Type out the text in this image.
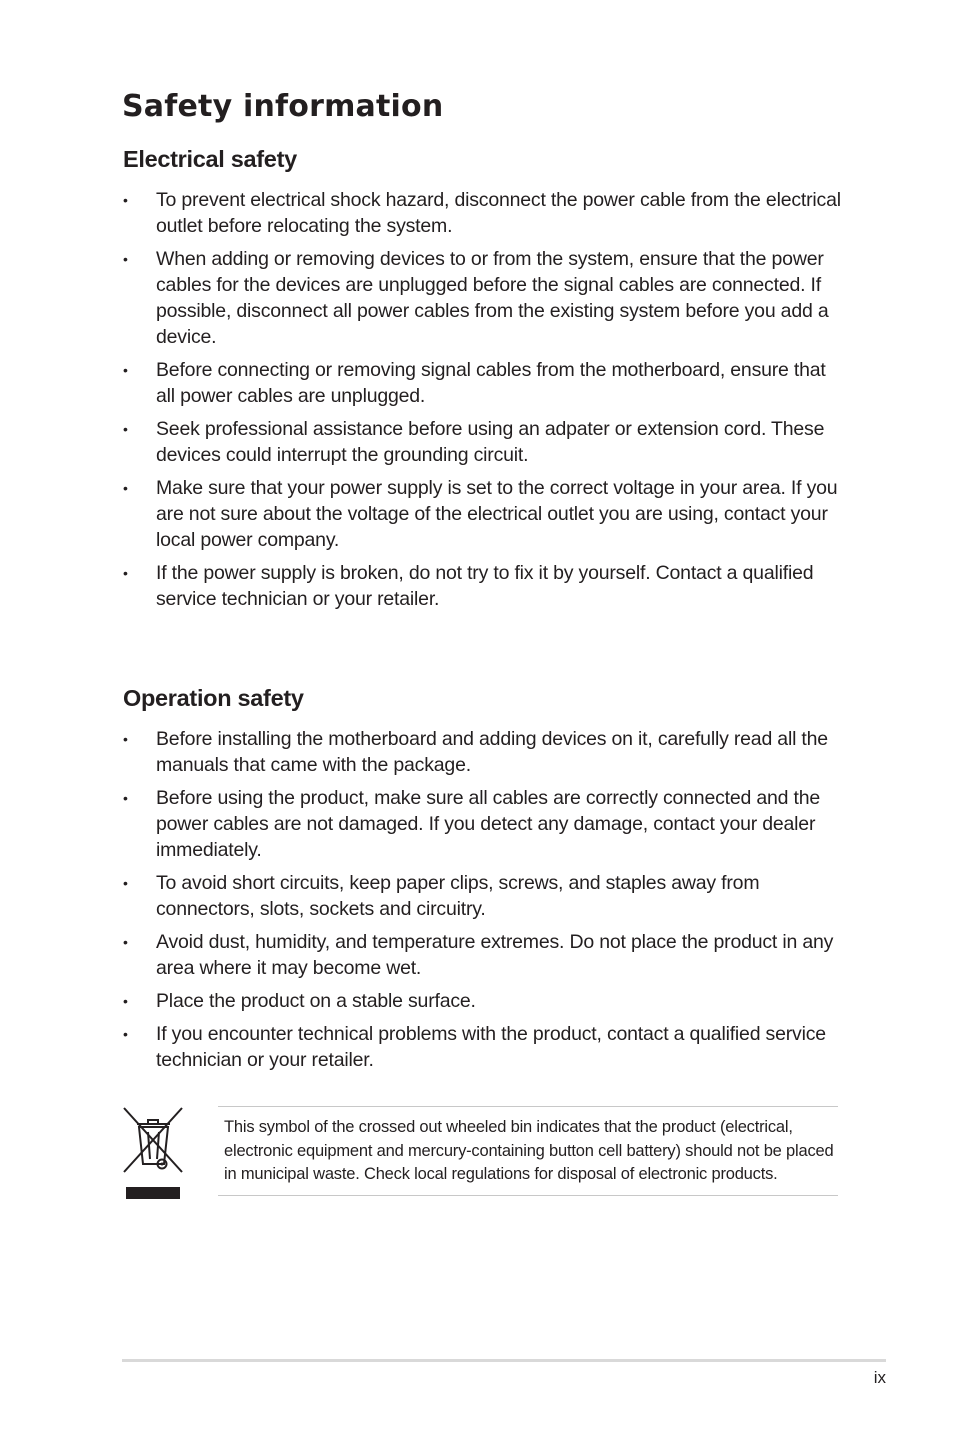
Safety information
Electrical safety
• To prevent electrical shock hazard, disconnect the power cable from the electrical outlet before relocating the system.
• When adding or removing devices to or from the system, ensure that the power cables for the devices are unplugged before the signal cables are connected. If possible, disconnect all power cables from the existing system before you add a device.
• Before connecting or removing signal cables from the motherboard, ensure that all power cables are unplugged.
• Seek professional assistance before using an adpater or extension cord. These devices could interrupt the grounding circuit.
• Make sure that your power supply is set to the correct voltage in your area. If you are not sure about the voltage of the electrical outlet you are using, contact your local power company.
• If the power supply is broken, do not try to fix it by yourself. Contact a qualified service technician or your retailer.
Operation safety
• Before installing the motherboard and adding devices on it, carefully read all the manuals that came with the package.
• Before using the product, make sure all cables are correctly connected and the power cables are not damaged. If you detect any damage, contact your dealer immediately.
• To avoid short circuits, keep paper clips, screws, and staples away from connectors, slots, sockets and circuitry.
• Avoid dust, humidity, and temperature extremes. Do not place the product in any area where it may become wet.
• Place the product on a stable surface.
• If you encounter technical problems with the product, contact a qualified service technician or your retailer.
This symbol of the crossed out wheeled bin indicates that the product (electrical, electronic equipment and mercury-containing button cell battery) should not be placed in municipal waste. Check local regulations for disposal of electronic products.
ix
